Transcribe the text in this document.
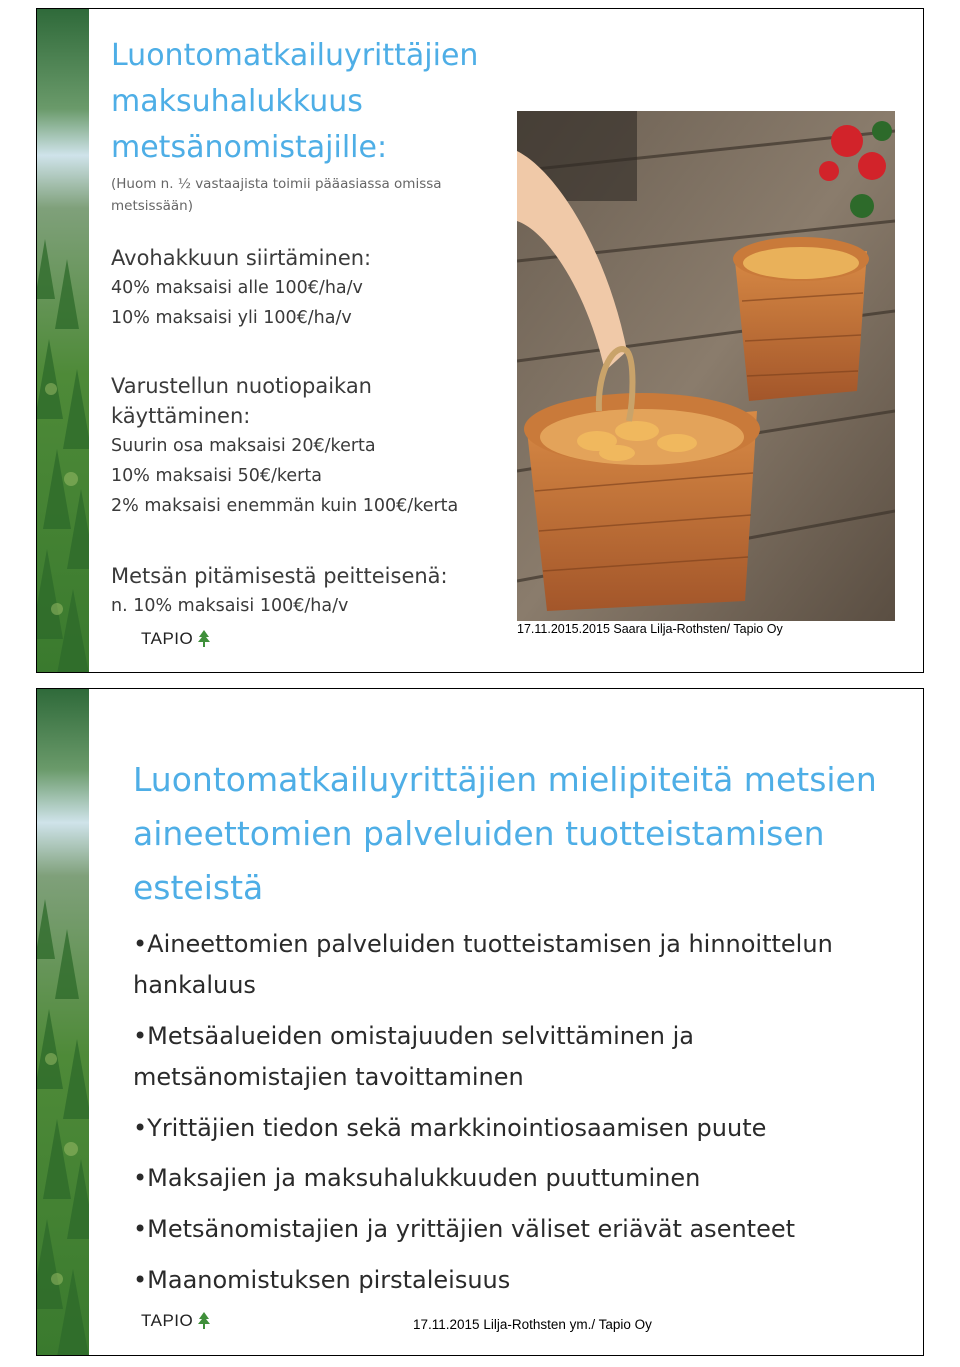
Luontomatkailuyrittäjien maksuhalukkuus metsänomistajille:
(Huom n. ½ vastaajista toimii pääasiassa omissa metsissään)
Avohakkuun siirtäminen:
40% maksaisi alle 100€/ha/v
10% maksaisi yli 100€/ha/v
Varustellun nuotiopaikan
käyttäminen:
Suurin osa maksaisi 20€/kerta
10% maksaisi 50€/kerta
2% maksaisi enemmän kuin 100€/kerta
Metsän pitämisestä peitteisenä:
n. 10% maksaisi 100€/ha/v
TAPIO	17.11.2015.2015 Saara Lilja-Rothsten/ Tapio Oy
Luontomatkailuyrittäjien mielipiteitä metsien
aineettomien palveluiden tuotteistamisen
esteistä
•Aineettomien palveluiden tuotteistamisen ja hinnoittelun
hankaluus
•Metsäalueiden omistajuuden selvittäminen ja
metsänomistajien tavoittaminen
•Yrittäjien tiedon sekä markkinointiosaamisen puute
•Maksajien ja maksuhalukkuuden puuttuminen
•Metsänomistajien ja yrittäjien väliset eriävät asenteet
•Maanomistuksen pirstaleisuus
TAPIO	17.11.2015 Lilja-Rothsten ym./ Tapio Oy
